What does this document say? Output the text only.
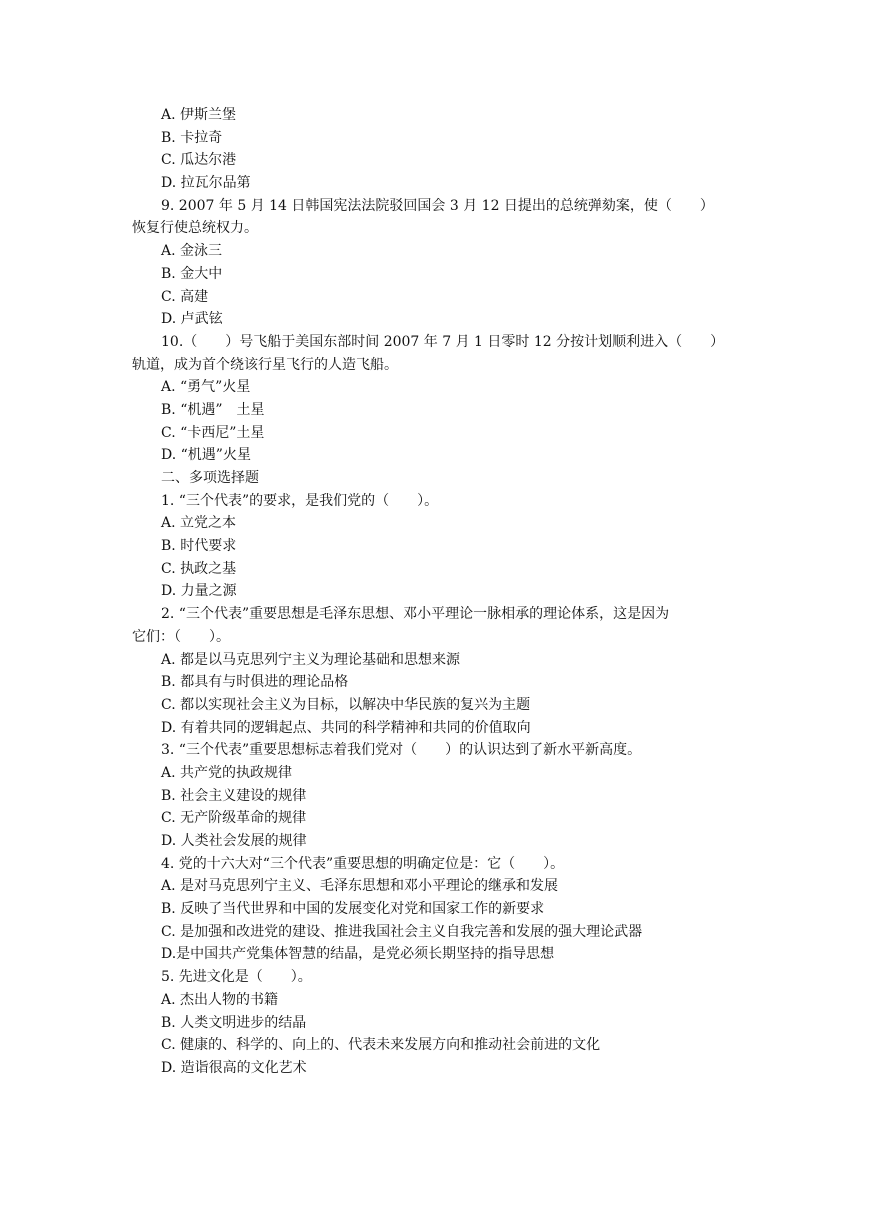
A. 伊斯兰堡
B. 卡拉奇
C. 瓜达尔港
D. 拉瓦尔品第
9. 2007 年 5 月 14 日韩国宪法法院驳回国会 3 月 12 日提出的总统弹劾案，使（　　）
恢复行使总统权力。
A. 金泳三
B. 金大中
C. 高建
D. 卢武铉
10.（　　）号飞船于美国东部时间 2007 年 7 月 1 日零时 12 分按计划顺利进入（　　）
轨道，成为首个绕该行星飞行的人造飞船。
A. “勇气”火星
B. “机遇”　土星
C. “卡西尼”土星
D. “机遇”火星
二、多项选择题
1. “三个代表”的要求，是我们党的（　　）。
A. 立党之本
B. 时代要求
C. 执政之基
D. 力量之源
2. “三个代表”重要思想是毛泽东思想、邓小平理论一脉相承的理论体系，这是因为
它们：（　　）。
A. 都是以马克思列宁主义为理论基础和思想来源
B. 都具有与时俱进的理论品格
C. 都以实现社会主义为目标，以解决中华民族的复兴为主题
D. 有着共同的逻辑起点、共同的科学精神和共同的价值取向
3. “三个代表”重要思想标志着我们党对（　　）的认识达到了新水平新高度。
A. 共产党的执政规律
B. 社会主义建设的规律
C. 无产阶级革命的规律
D. 人类社会发展的规律
4. 党的十六大对“三个代表”重要思想的明确定位是：它（　　）。
A. 是对马克思列宁主义、毛泽东思想和邓小平理论的继承和发展
B. 反映了当代世界和中国的发展变化对党和国家工作的新要求
C. 是加强和改进党的建设、推进我国社会主义自我完善和发展的强大理论武器
D.是中国共产党集体智慧的结晶，是党必须长期坚持的指导思想
5. 先进文化是（　　）。
A. 杰出人物的书籍
B. 人类文明进步的结晶
C. 健康的、科学的、向上的、代表未来发展方向和推动社会前进的文化
D. 造诣很高的文化艺术
